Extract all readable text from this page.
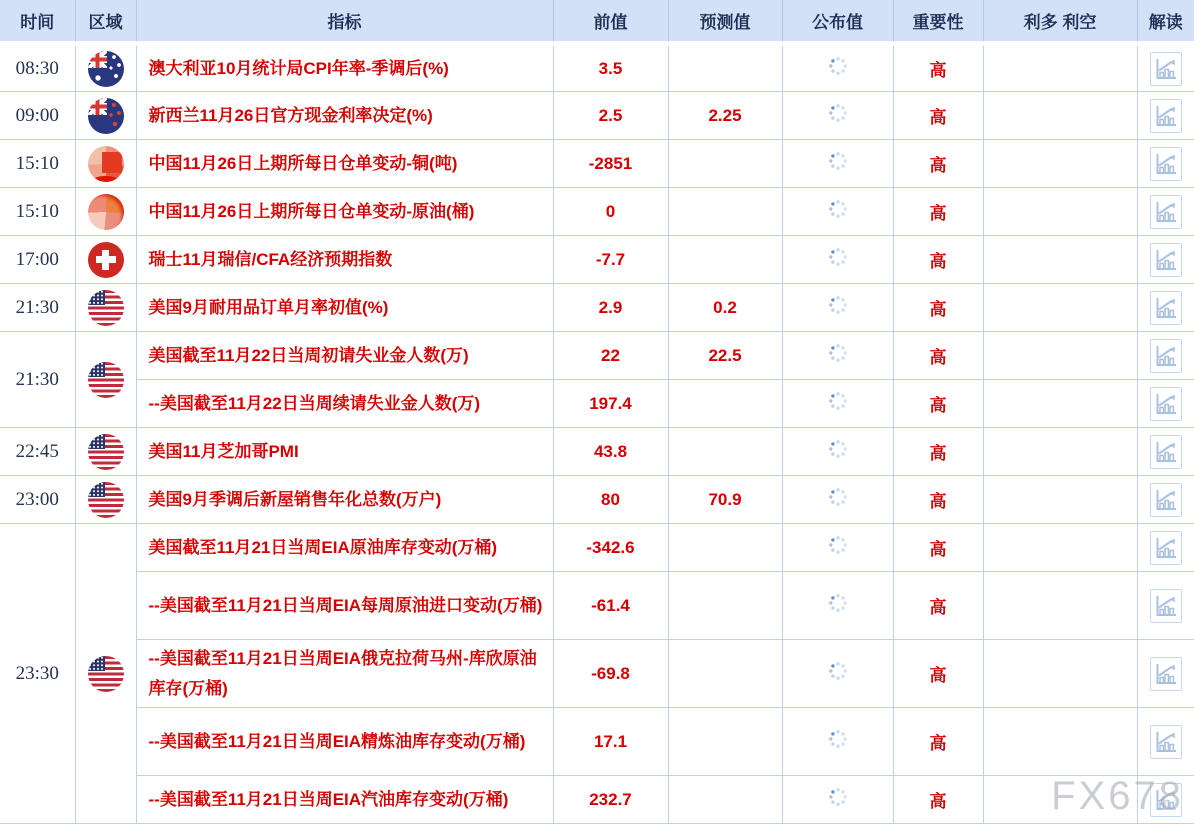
时间	区域	指标	前值	预测值	公布值	重要性	利多 利空	解读
08:30		澳大利亚10月统计局CPI年率-季调后(%)	3.5			高		

09:00		新西兰11月26日官方现金利率决定(%)	2.5	2.25		高		

15:10		中国11月26日上期所每日仓单变动-铜(吨)	-2851			高		

15:10		中国11月26日上期所每日仓单变动-原油(桶)	0			高		

17:00		瑞士11月瑞信/CFA经济预期指数	-7.7			高		

21:30		美国9月耐用品订单月率初值(%)	2.9	0.2		高		

21:30		美国截至11月22日当周初请失业金人数(万)	22	22.5		高		

		--美国截至11月22日当周续请失业金人数(万)	197.4			高		

22:45		美国11月芝加哥PMI	43.8			高		

23:00		美国9月季调后新屋销售年化总数(万户)	80	70.9		高		

23:30		美国截至11月21日当周EIA原油库存变动(万桶)	-342.6			高		

		--美国截至11月21日当周EIA每周原油进口变动(万桶)	-61.4			高		

		--美国截至11月21日当周EIA俄克拉荷马州-库欣原油库存(万桶)	-69.8			高		

		--美国截至11月21日当周EIA精炼油库存变动(万桶)	17.1			高		

		--美国截至11月21日当周EIA汽油库存变动(万桶)	232.7			高			FX678
